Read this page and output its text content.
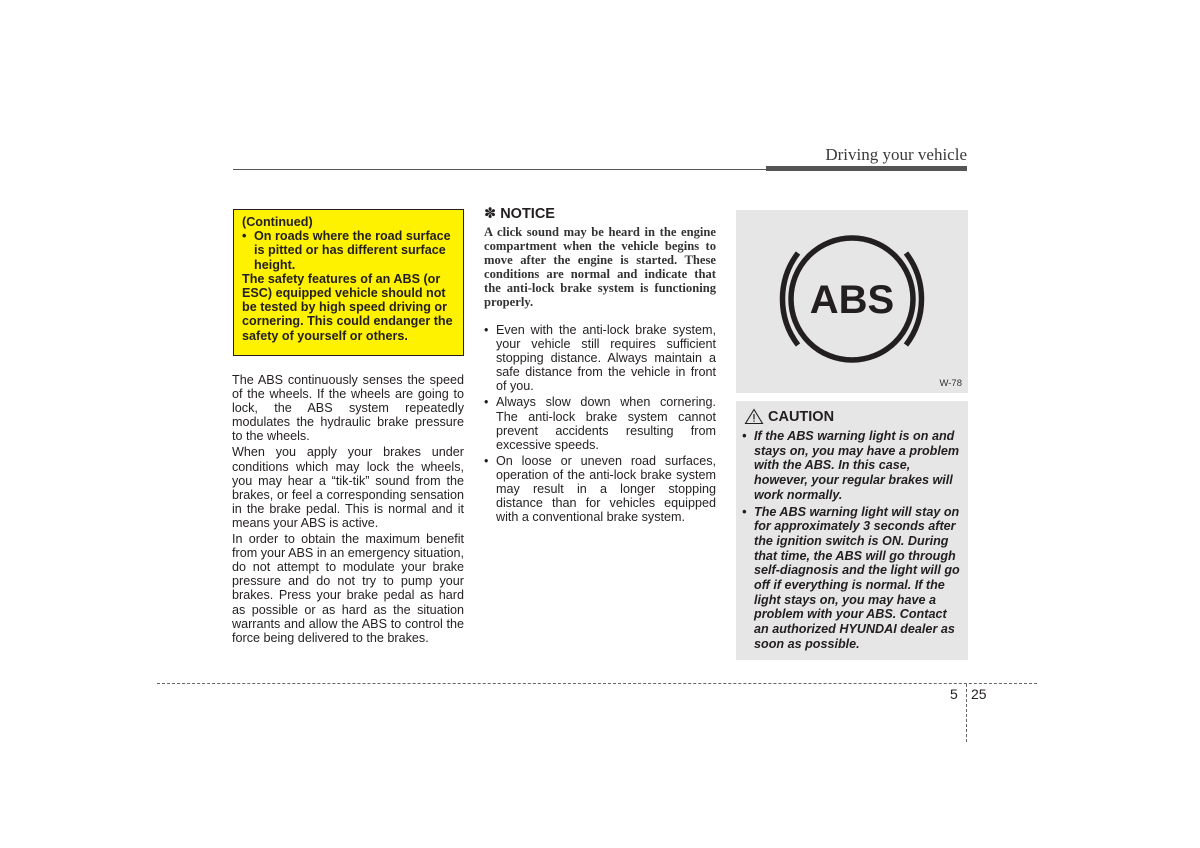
Driving your vehicle
(Continued)
• On roads where the road surface is pitted or has different surface height.
The safety features of an ABS (or ESC) equipped vehicle should not be tested by high speed driving or cornering. This could endanger the safety of yourself or others.

The ABS continuously senses the speed of the wheels. If the wheels are going to lock, the ABS system repeatedly modulates the hydraulic brake pressure to the wheels.

When you apply your brakes under conditions which may lock the wheels, you may hear a “tik-tik” sound from the brakes, or feel a corresponding sensation in the brake pedal. This is normal and it means your ABS is active.

In order to obtain the maximum benefit from your ABS in an emergency situation, do not attempt to modulate your brake pressure and do not try to pump your brakes. Press your brake pedal as hard as possible or as hard as the situation warrants and allow the ABS to control the force being delivered to the brakes.

✽ NOTICE
A click sound may be heard in the engine compartment when the vehicle begins to move after the engine is started. These conditions are normal and indicate that the anti-lock brake system is functioning properly.
• Even with the anti-lock brake system, your vehicle still requires sufficient stopping distance. Always maintain a safe distance from the vehicle in front of you.
• Always slow down when cornering. The anti-lock brake system cannot prevent accidents resulting from excessive speeds.
• On loose or uneven road surfaces, operation of the anti-lock brake system may result in a longer stopping distance than for vehicles equipped with a conventional brake system.
ABS
W-78
CAUTION
• If the ABS warning light is on and stays on, you may have a problem with the ABS. In this case, however, your regular brakes will work normally.
• The ABS warning light will stay on for approximately 3 seconds after the ignition switch is ON. During that time, the ABS will go through self-diagnosis and the light will go off if everything is normal. If the light stays on, you may have a problem with your ABS. Contact an authorized HYUNDAI dealer as soon as possible.
5 25
